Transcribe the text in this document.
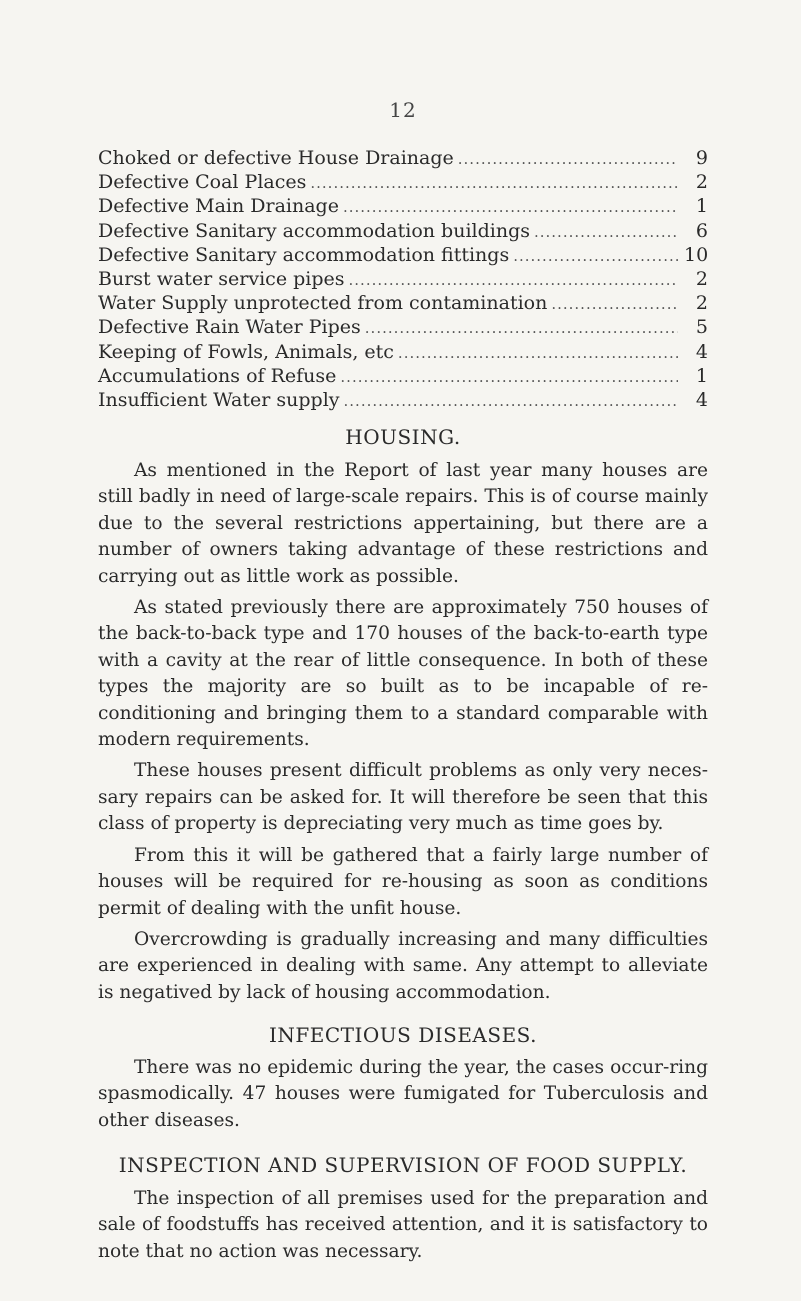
12
Choked or defective House Drainage .....	9
Defective Coal Places .....	2
Defective Main Drainage .....	1
Defective Sanitary accommodation buildings .....	6
Defective Sanitary accommodation fittings .....	10
Burst water service pipes .....	2
Water Supply unprotected from contamination .....	2
Defective Rain Water Pipes .....	5
Keeping of Fowls, Animals, etc .....	4
Accumulations of Refuse .....	1
Insufficient Water supply .....	4
HOUSING.

As mentioned in the Report of last year many houses are still badly in need of large-scale repairs. This is of course mainly due to the several restrictions appertaining, but there are a number of owners taking advantage of these restrictions and carrying out as little work as possible.

As stated previously there are approximately 750 houses of the back-to-back type and 170 houses of the back-to-earth type with a cavity at the rear of little consequence. In both of these types the majority are so built as to be incapable of re-conditioning and bringing them to a standard comparable with modern requirements.

These houses present difficult problems as only very neces-sary repairs can be asked for. It will therefore be seen that this class of property is depreciating very much as time goes by.

From this it will be gathered that a fairly large number of houses will be required for re-housing as soon as conditions permit of dealing with the unfit house.

Overcrowding is gradually increasing and many difficulties are experienced in dealing with same. Any attempt to alleviate is negatived by lack of housing accommodation.

INFECTIOUS DISEASES.

There was no epidemic during the year, the cases occur-ring spasmodically. 47 houses were fumigated for Tuberculosis and other diseases.

INSPECTION AND SUPERVISION OF FOOD SUPPLY.

The inspection of all premises used for the preparation and sale of foodstuffs has received attention, and it is satisfactory to note that no action was necessary.
